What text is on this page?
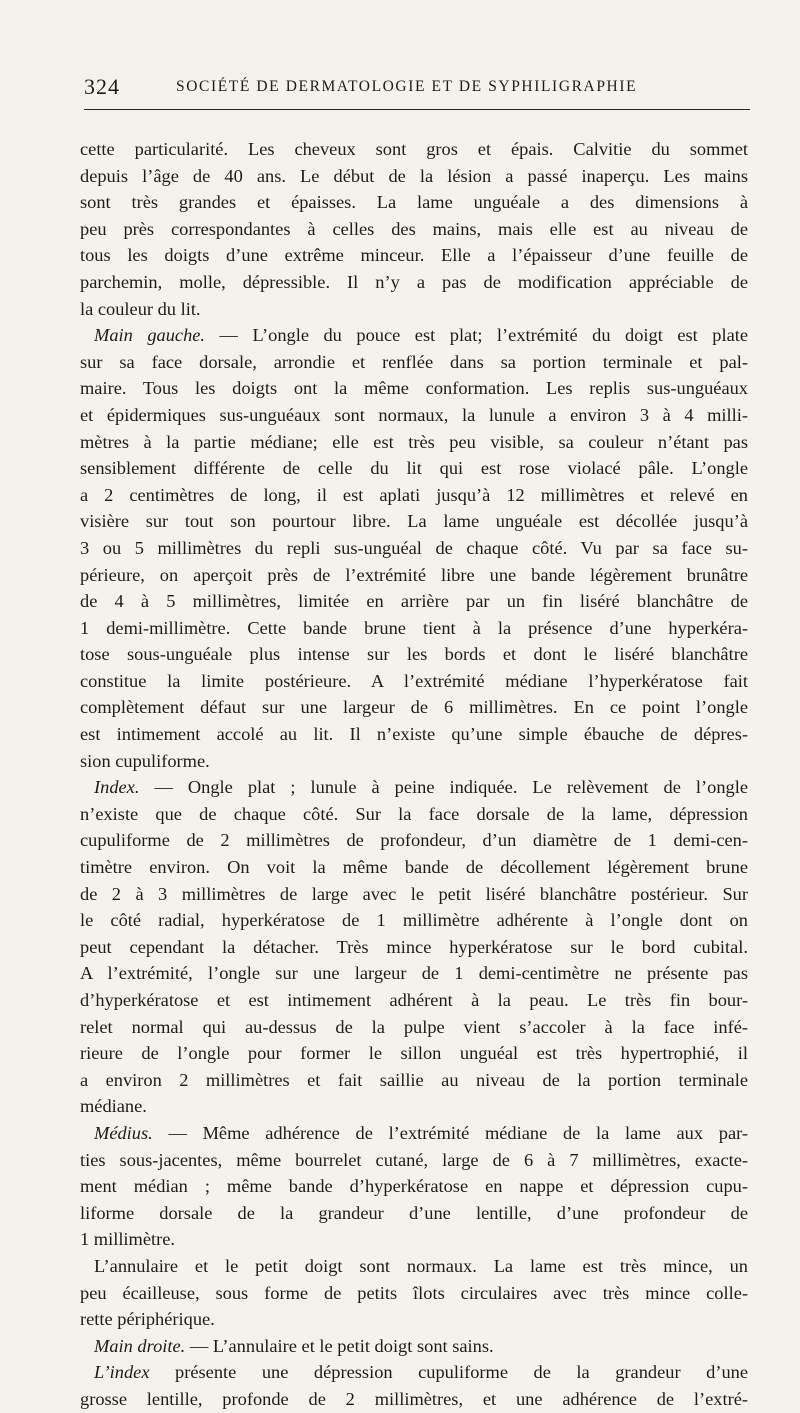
324	SOCIÉTÉ DE DERMATOLOGIE ET DE SYPHILIGRAPHIE
cette particularité. Les cheveux sont gros et épais. Calvitie du sommet
depuis l’âge de 40 ans. Le début de la lésion a passé inaperçu. Les mains
sont très grandes et épaisses. La lame unguéale a des dimensions à
peu près correspondantes à celles des mains, mais elle est au niveau de
tous les doigts d’une extrême minceur. Elle a l’épaisseur d’une feuille de
parchemin, molle, dépressible. Il n’y a pas de modification appréciable de
la couleur du lit.
Main gauche. — L’ongle du pouce est plat; l’extrémité du doigt est plate
sur sa face dorsale, arrondie et renflée dans sa portion terminale et pal-
maire. Tous les doigts ont la même conformation. Les replis sus-unguéaux
et épidermiques sus-unguéaux sont normaux, la lunule a environ 3 à 4 milli-
mètres à la partie médiane; elle est très peu visible, sa couleur n’étant pas
sensiblement différente de celle du lit qui est rose violacé pâle. L’ongle
a 2 centimètres de long, il est aplati jusqu’à 12 millimètres et relevé en
visière sur tout son pourtour libre. La lame unguéale est décollée jusqu’à
3 ou 5 millimètres du repli sus-unguéal de chaque côté. Vu par sa face su-
périeure, on aperçoit près de l’extrémité libre une bande légèrement brunâtre
de 4 à 5 millimètres, limitée en arrière par un fin liséré blanchâtre de
1 demi-millimètre. Cette bande brune tient à la présence d’une hyperkéra-
tose sous-unguéale plus intense sur les bords et dont le liséré blanchâtre
constitue la limite postérieure. A l’extrémité médiane l’hyperkératose fait
complètement défaut sur une largeur de 6 millimètres. En ce point l’ongle
est intimement accolé au lit. Il n’existe qu’une simple ébauche de dépres-
sion cupuliforme.
Index. — Ongle plat ; lunule à peine indiquée. Le relèvement de l’ongle
n’existe que de chaque côté. Sur la face dorsale de la lame, dépression
cupuliforme de 2 millimètres de profondeur, d’un diamètre de 1 demi-cen-
timètre environ. On voit la même bande de décollement légèrement brune
de 2 à 3 millimètres de large avec le petit liséré blanchâtre postérieur. Sur
le côté radial, hyperkératose de 1 millimètre adhérente à l’ongle dont on
peut cependant la détacher. Très mince hyperkératose sur le bord cubital.
A l’extrémité, l’ongle sur une largeur de 1 demi-centimètre ne présente pas
d’hyperkératose et est intimement adhérent à la peau. Le très fin bour-
relet normal qui au-dessus de la pulpe vient s’accoler à la face infé-
rieure de l’ongle pour former le sillon unguéal est très hypertrophié, il
a environ 2 millimètres et fait saillie au niveau de la portion terminale
médiane.
Médius. — Même adhérence de l’extrémité médiane de la lame aux par-
ties sous-jacentes, même bourrelet cutané, large de 6 à 7 millimètres, exacte-
ment médian ; même bande d’hyperkératose en nappe et dépression cupu-
liforme dorsale de la grandeur d’une lentille, d’une profondeur de
1 millimètre.
L’annulaire et le petit doigt sont normaux. La lame est très mince, un
peu écailleuse, sous forme de petits îlots circulaires avec très mince colle-
rette périphérique.
Main droite. — L’annulaire et le petit doigt sont sains.
L’index présente une dépression cupuliforme de la grandeur d’une
grosse lentille, profonde de 2 millimètres, et une adhérence de l’extré-
